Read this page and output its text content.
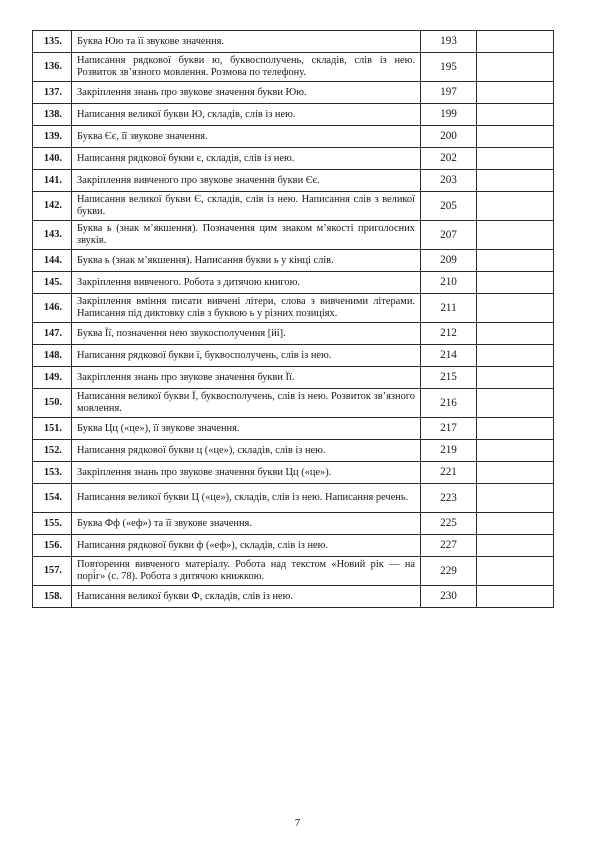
135.	Буква Юю та її звукове значення.	193	
136.	Написання рядкової букви ю, буквосполучень, складів, слів із нею. Розвиток зв’язного мовлення. Розмова по телефону.	195	
137.	Закріплення знань про звукове значення букви Юю.	197	
138.	Написання великої букви Ю, складів, слів із нею.	199	
139.	Буква Єє, її звукове значення.	200	
140.	Написання рядкової букви є, складів, слів із нею.	202	
141.	Закріплення вивченого про звукове значення букви Єє.	203	
142.	Написання великої букви Є, складів, слів із нею. Написання слів з великої букви.	205	
143.	Буква ь (знак м’якшення). Позначення цим знаком м’якості приголосних звуків.	207	
144.	Буква ь (знак м’якшення). Написання букви ь у кінці слів.	209	
145.	Закріплення вивченого. Робота з дитячою книгою.	210	
146.	Закріплення вміння писати вивчені літери, слова з вивченими літерами. Написання під диктовку слів з буквою ь у різних позиціях.	211	
147.	Буква Її, позначення нею звукосполучення [йі].	212	
148.	Написання рядкової букви ї, буквосполучень, слів із нею.	214	
149.	Закріплення знань про звукове значення букви Її.	215	
150.	Написання великої букви Ї, буквосполучень, слів із нею. Розвиток зв’язного мовлення.	216	
151.	Буква Цц («це»), її звукове значення.	217	
152.	Написання рядкової букви ц («це»), складів, слів із нею.	219	
153.	Закріплення знань про звукове значення букви Цц («це»).	221	
154.	Написання великої букви Ц («це»), складів, слів із нею. Написання речень.	223	
155.	Буква Фф («еф») та її звукове значення.	225	
156.	Написання рядкової букви ф («еф»), складів, слів із нею.	227	
157.	Повторення вивченого матеріалу. Робота над текстом «Новий рік — на порі́г» (с. 78). Робота з дитячою книжкою.	229	
158.	Написання великої букви Ф, складів, слів із нею.	230	
7
